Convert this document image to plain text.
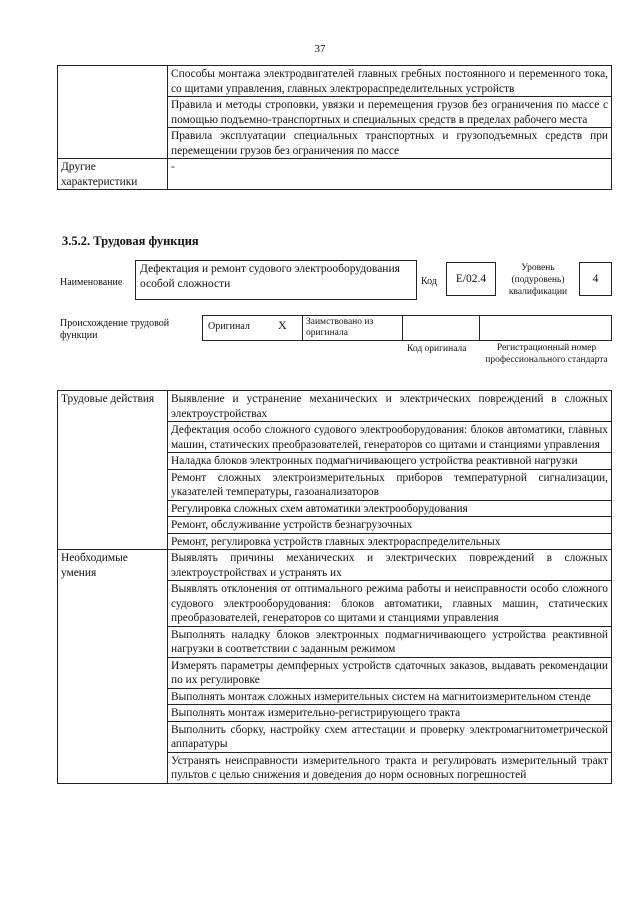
37
	Способы монтажа электродвигателей главных гребных постоянного и переменного тока, со щитами управления, главных электрораспределительных устройств
	Правила и методы строповки, увязки и перемещения грузов без ограничения по массе с помощью подъемно-транспортных и специальных средств в пределах рабочего места
	Правила эксплуатации специальных транспортных и грузоподъемных средств при перемещении грузов без ограничения по массе
Другие характеристики	-
3.5.2. Трудовая функция
Наименование
Дефектация и ремонт судового электрооборудования особой сложности	Код	E/02.4
Уровень (подуровень) квалификации
4
Происхождение трудовой функции
Оригинал X Заимствовано из оригинала
Код оригинала	Регистрационный номер профессионального стандарта
Трудовые действия	Выявление и устранение механических и электрических повреждений в сложных электроустройствах
	Дефектация особо сложного судового электрооборудования: блоков автоматики, главных машин, статических преобразователей, генераторов со щитами и станциями управления
	Наладка блоков электронных подмагничивающего устройства реактивной нагрузки
	Ремонт сложных электроизмерительных приборов температурной сигнализации, указателей температуры, газоанализаторов
	Регулировка сложных схем автоматики электрооборудования
	Ремонт, обслуживание устройств безнагрузочных
	Ремонт, регулировка устройств главных электрораспределительных
Необходимые умения	Выявлять причины механических и электрических повреждений в сложных электроустройствах и устранять их
	Выявлять отклонения от оптимального режима работы и неисправности особо сложного судового электрооборудования: блоков автоматики, главных машин, статических преобразователей, генераторов со щитами и станциями управления
	Выполнять наладку блоков электронных подмагничивающего устройства реактивной нагрузки в соответствии с заданным режимом
	Измерять параметры демпферных устройств сдаточных заказов, выдавать рекомендации по их регулировке
	Выполнять монтаж сложных измерительных систем на магнитоизмерительном стенде
	Выполнять монтаж измерительно-регистрирующего тракта
	Выполнить сборку, настройку схем аттестации и проверку электромагнитометрической аппаратуры
	Устранять неисправности измерительного тракта и регулировать измерительный тракт пультов с целью снижения и доведения до норм основных погрешностей
